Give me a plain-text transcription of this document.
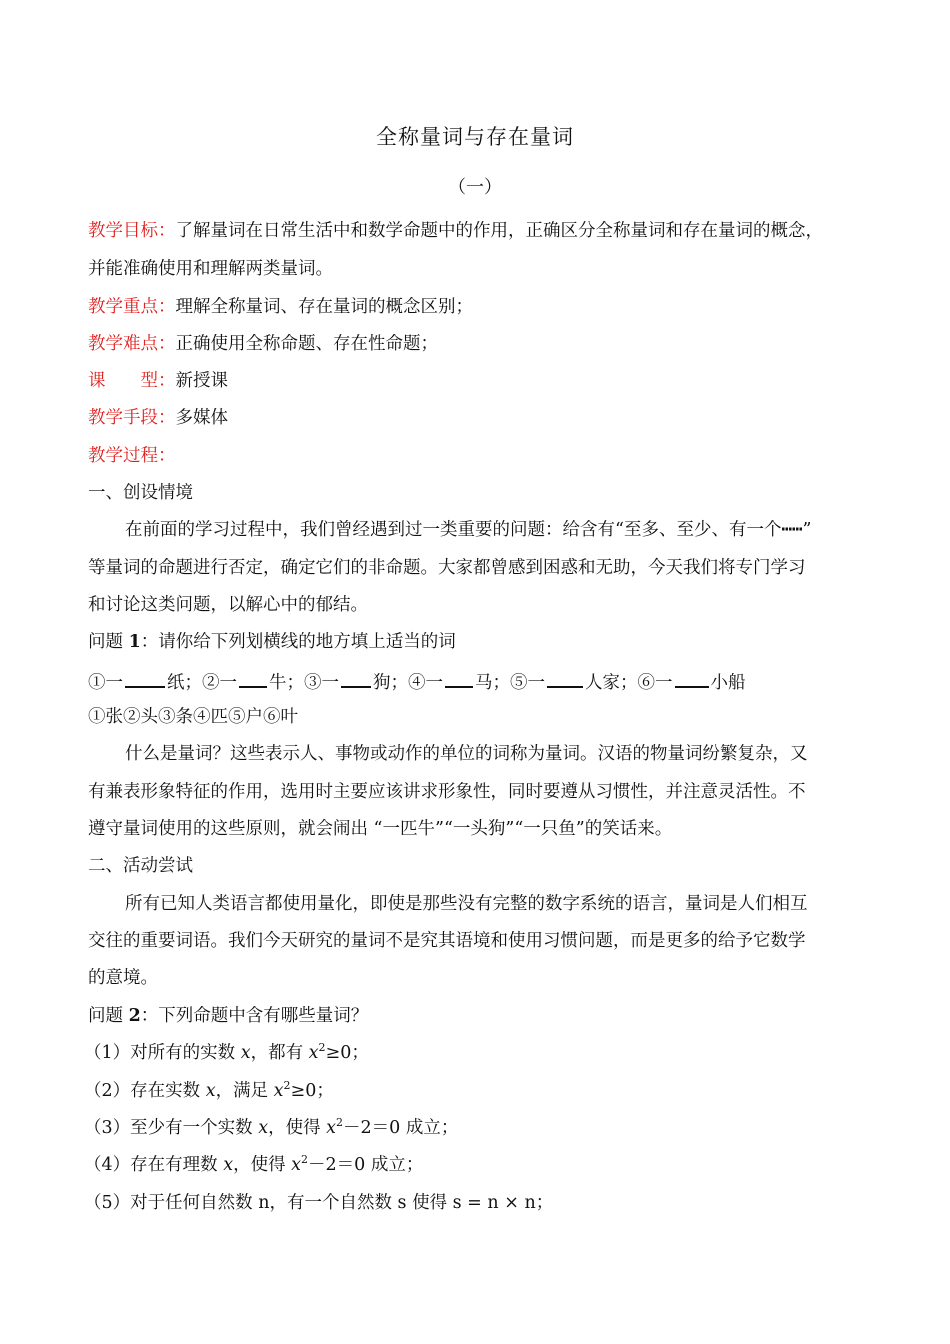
全称量词与存在量词
（一）
教学目标：了解量词在日常生活中和数学命题中的作用，正确区分全称量词和存在量词的概念，
并能准确使用和理解两类量词。
教学重点：理解全称量词、存在量词的概念区别；
教学难点：正确使用全称命题、存在性命题；
课　　型：新授课
教学手段：多媒体
教学过程：
一、创设情境
在前面的学习过程中，我们曾经遇到过一类重要的问题：给含有“至多、至少、有一个┅┅”
等量词的命题进行否定，确定它们的非命题。大家都曾感到困惑和无助，今天我们将专门学习
和讨论这类问题，以解心中的郁结。
问题 1：请你给下列划横线的地方填上适当的词
①一	纸；②一 牛；③一 狗；④一 马；⑤一 人家；⑥一 小船
①张②头③条④匹⑤户⑥叶
什么是量词？这些表示人、事物或动作的单位的词称为量词。汉语的物量词纷繁复杂，又
有兼表形象特征的作用，选用时主要应该讲求形象性，同时要遵从习惯性，并注意灵活性。不
遵守量词使用的这些原则，就会闹出 “一匹牛”“一头狗”“一只鱼”的笑话来。
二、活动尝试
所有已知人类语言都使用量化，即使是那些没有完整的数字系统的语言，量词是人们相互
交往的重要词语。我们今天研究的量词不是究其语境和使用习惯问题，而是更多的给予它数学
的意境。
问题 2：下列命题中含有哪些量词？
（1）对所有的实数 x，都有 $x^2\ge 0$；
（2）存在实数 x，满足 $x^2\ge 0$；
（3）至少有一个实数 x，使得 $x^2-2=0$ 成立；
（4）存在有理数 x，使得 $x^2-2=0$ 成立；
（5）对于任何自然数 n，有一个自然数 s 使得 s = n × n；
